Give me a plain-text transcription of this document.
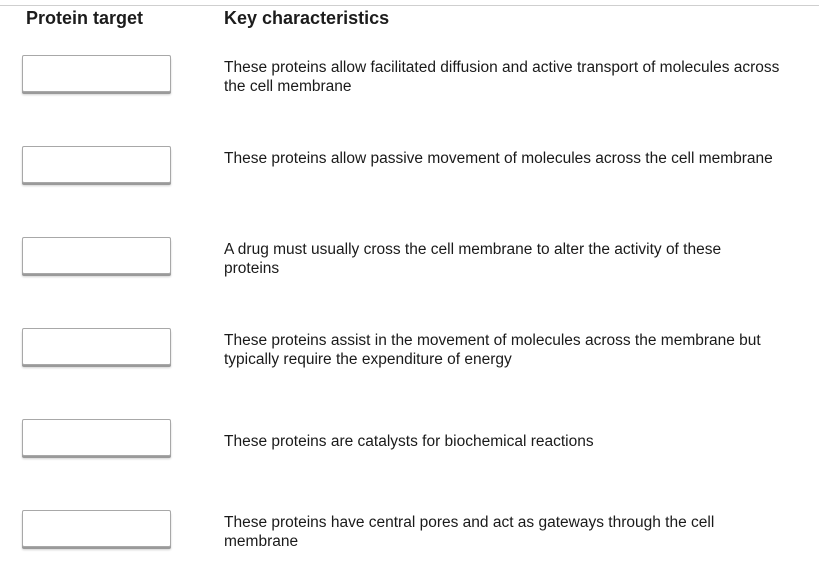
Protein target	Key characteristics
These proteins allow facilitated diffusion and active transport of molecules across the cell membrane
These proteins allow passive movement of molecules across the cell membrane
A drug must usually cross the cell membrane to alter the activity of these proteins
These proteins assist in the movement of molecules across the membrane but typically require the expenditure of energy
These proteins are catalysts for biochemical reactions
These proteins have central pores and act as gateways through the cell membrane
